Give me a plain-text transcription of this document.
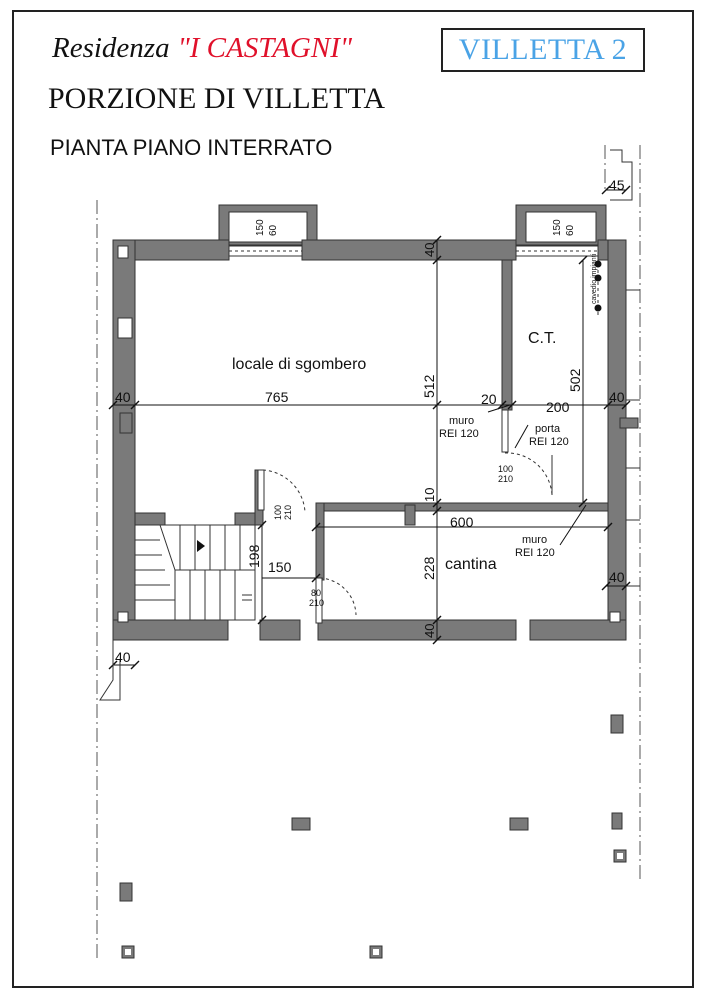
Residenza "I CASTAGNI"	VILLETTA 2
PORZIONE DI VILLETTA
PIANTA PIANO INTERRATO
cavedio impianti
locale di sgombero
C.T.
cantina
45
150 60	150 60
40
40	765	512
20	200
40
502
100
210
100 210
10
600
198 150	228	40
80
210
40
40
muro
REI 120	porta
REI 120
muro
REI 120
